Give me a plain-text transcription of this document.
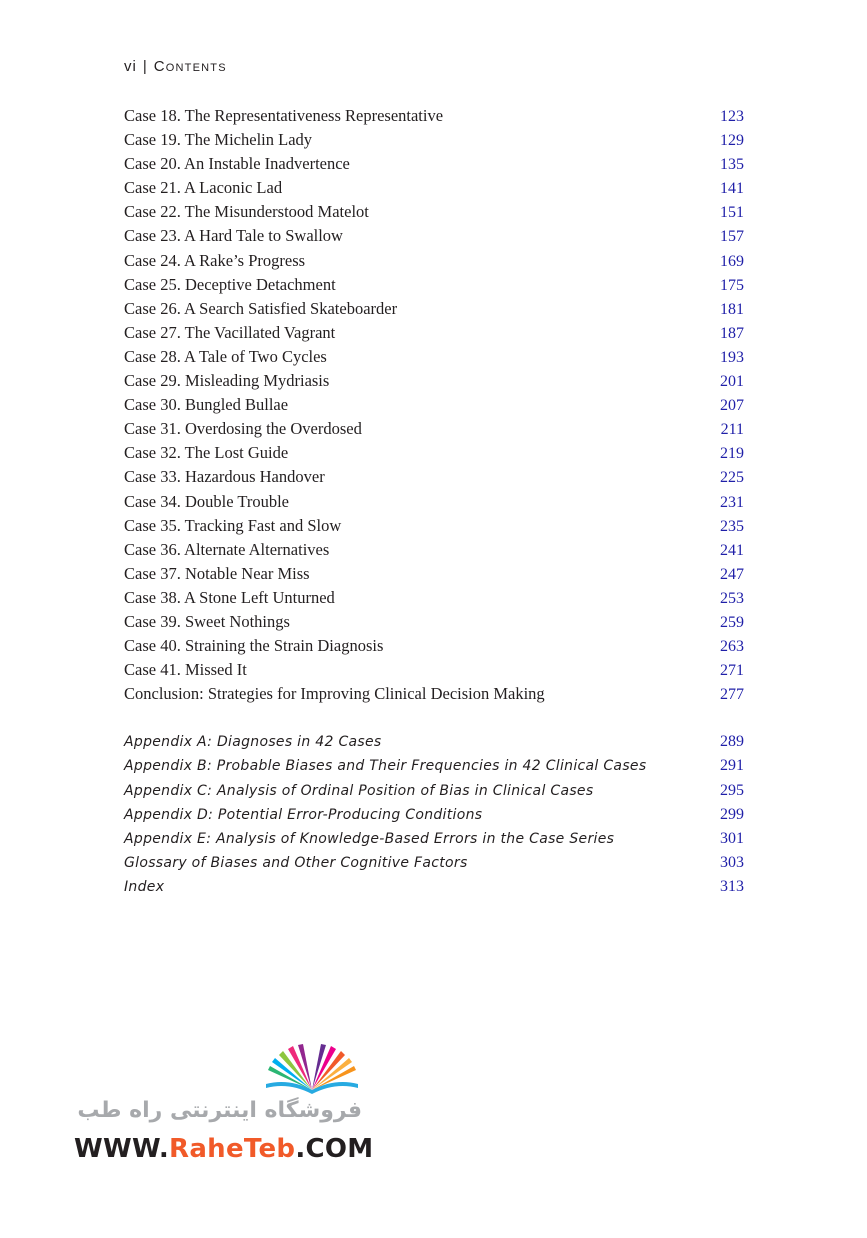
vi | Contents
Case 18. The Representativeness Representative	123
Case 19. The Michelin Lady	129
Case 20. An Instable Inadvertence	135
Case 21. A Laconic Lad	141
Case 22. The Misunderstood Matelot	151
Case 23. A Hard Tale to Swallow	157
Case 24. A Rake’s Progress	169
Case 25. Deceptive Detachment	175
Case 26. A Search Satisfied Skateboarder	181
Case 27. The Vacillated Vagrant	187
Case 28. A Tale of Two Cycles	193
Case 29. Misleading Mydriasis	201
Case 30. Bungled Bullae	207
Case 31. Overdosing the Overdosed	211
Case 32. The Lost Guide	219
Case 33. Hazardous Handover	225
Case 34. Double Trouble	231
Case 35. Tracking Fast and Slow	235
Case 36. Alternate Alternatives	241
Case 37. Notable Near Miss	247
Case 38. A Stone Left Unturned	253
Case 39. Sweet Nothings	259
Case 40. Straining the Strain Diagnosis	263
Case 41. Missed It	271
Conclusion: Strategies for Improving Clinical Decision Making	277
Appendix A: Diagnoses in 42 Cases	289
Appendix B: Probable Biases and Their Frequencies in 42 Clinical Cases	291
Appendix C: Analysis of Ordinal Position of Bias in Clinical Cases	295
Appendix D: Potential Error-Producing Conditions	299
Appendix E: Analysis of Knowledge-Based Errors in the Case Series	301
Glossary of Biases and Other Cognitive Factors	303
Index	313
فروشگاه اینترنتی راه طب
WWW.RaheTeb.COM
